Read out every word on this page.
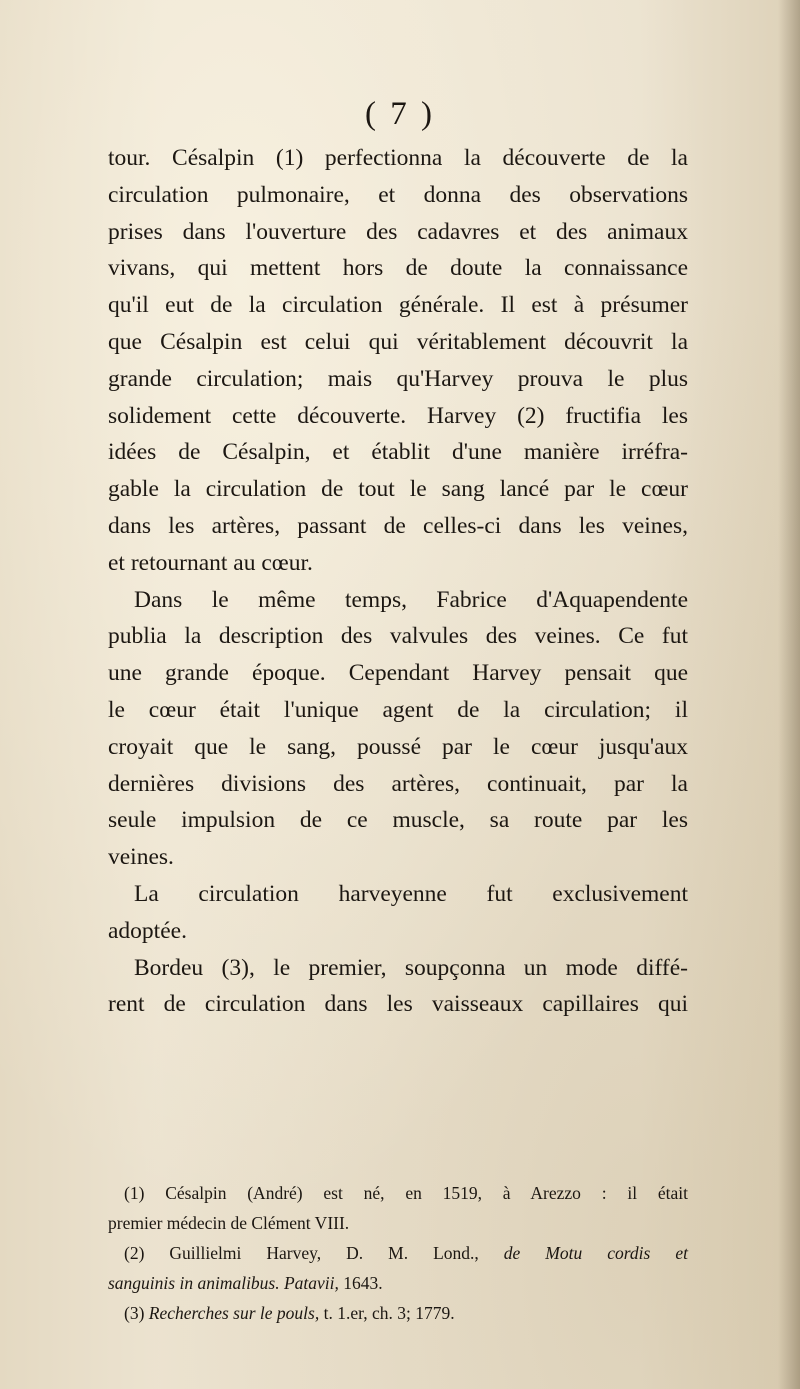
( 7 )
tour. Césalpin (1) perfectionna la découverte de la
circulation pulmonaire, et donna des observations
prises dans l'ouverture des cadavres et des animaux
vivans, qui mettent hors de doute la connaissance
qu'il eut de la circulation générale. Il est à présumer
que Césalpin est celui qui véritablement découvrit la
grande circulation; mais qu'Harvey prouva le plus
solidement cette découverte. Harvey (2) fructifia les
idées de Césalpin, et établit d'une manière irréfra-
gable la circulation de tout le sang lancé par le cœur
dans les artères, passant de celles-ci dans les veines,
et retournant au cœur.
Dans le même temps, Fabrice d'Aquapendente
publia la description des valvules des veines. Ce fut
une grande époque. Cependant Harvey pensait que
le cœur était l'unique agent de la circulation; il
croyait que le sang, poussé par le cœur jusqu'aux
dernières divisions des artères, continuait, par la
seule impulsion de ce muscle, sa route par les
veines.
La circulation harveyenne fut exclusivement
adoptée.
Bordeu (3), le premier, soupçonna un mode diffé-
rent de circulation dans les vaisseaux capillaires qui
(1) Césalpin (André) est né, en 1519, à Arezzo : il était
premier médecin de Clément VIII.
(2) Guillielmi Harvey, D. M. Lond., de Motu cordis et
sanguinis in animalibus. Patavii, 1643.
(3) Recherches sur le pouls, t. 1.er, ch. 3; 1779.
